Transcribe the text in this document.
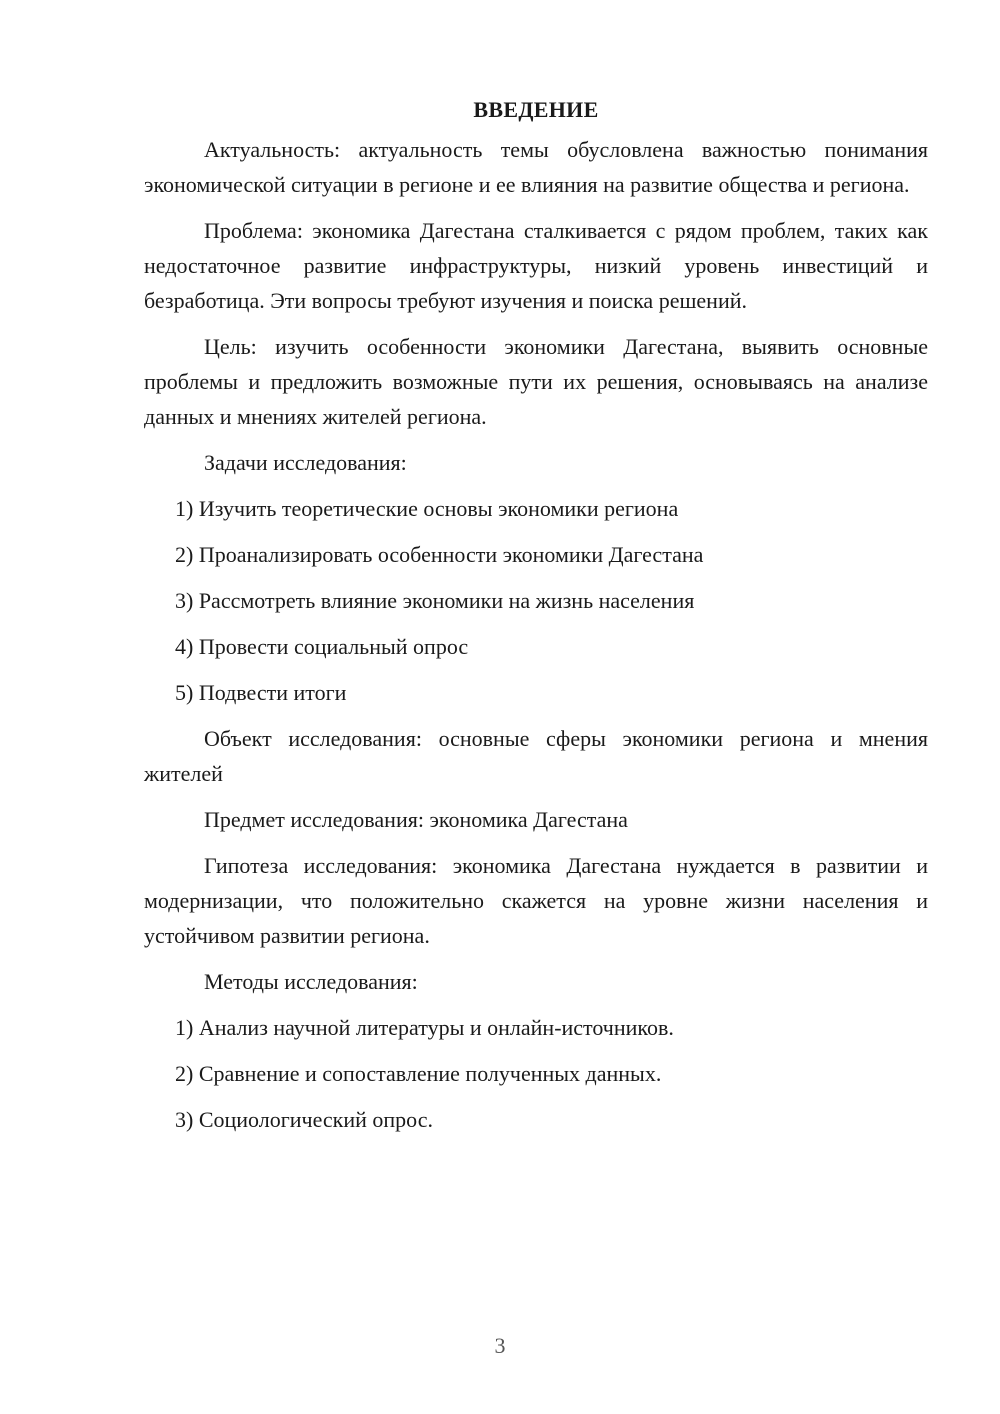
ВВЕДЕНИЕ

Актуальность: актуальность темы обусловлена важностью понимания экономической ситуации в регионе и ее влияния на развитие общества и региона.

Проблема: экономика Дагестана сталкивается с рядом проблем, таких как недостаточное развитие инфраструктуры, низкий уровень инвестиций и безработица. Эти вопросы требуют изучения и поиска решений.

Цель: изучить особенности экономики Дагестана, выявить основные проблемы и предложить возможные пути их решения, основываясь на анализе данных и мнениях жителей региона.

Задачи исследования:

1) Изучить теоретические основы экономики региона
2) Проанализировать особенности экономики Дагестана
3) Рассмотреть влияние экономики на жизнь населения
4) Провести социальный опрос
5) Подвести итоги

Объект исследования: основные сферы экономики региона и мнения жителей

Предмет исследования: экономика Дагестана

Гипотеза исследования: экономика Дагестана нуждается в развитии и модернизации, что положительно скажется на уровне жизни населения и устойчивом развитии региона.

Методы исследования:

1) Анализ научной литературы и онлайн-источников.
2) Сравнение и сопоставление полученных данных.
3) Социологический опрос.
3
